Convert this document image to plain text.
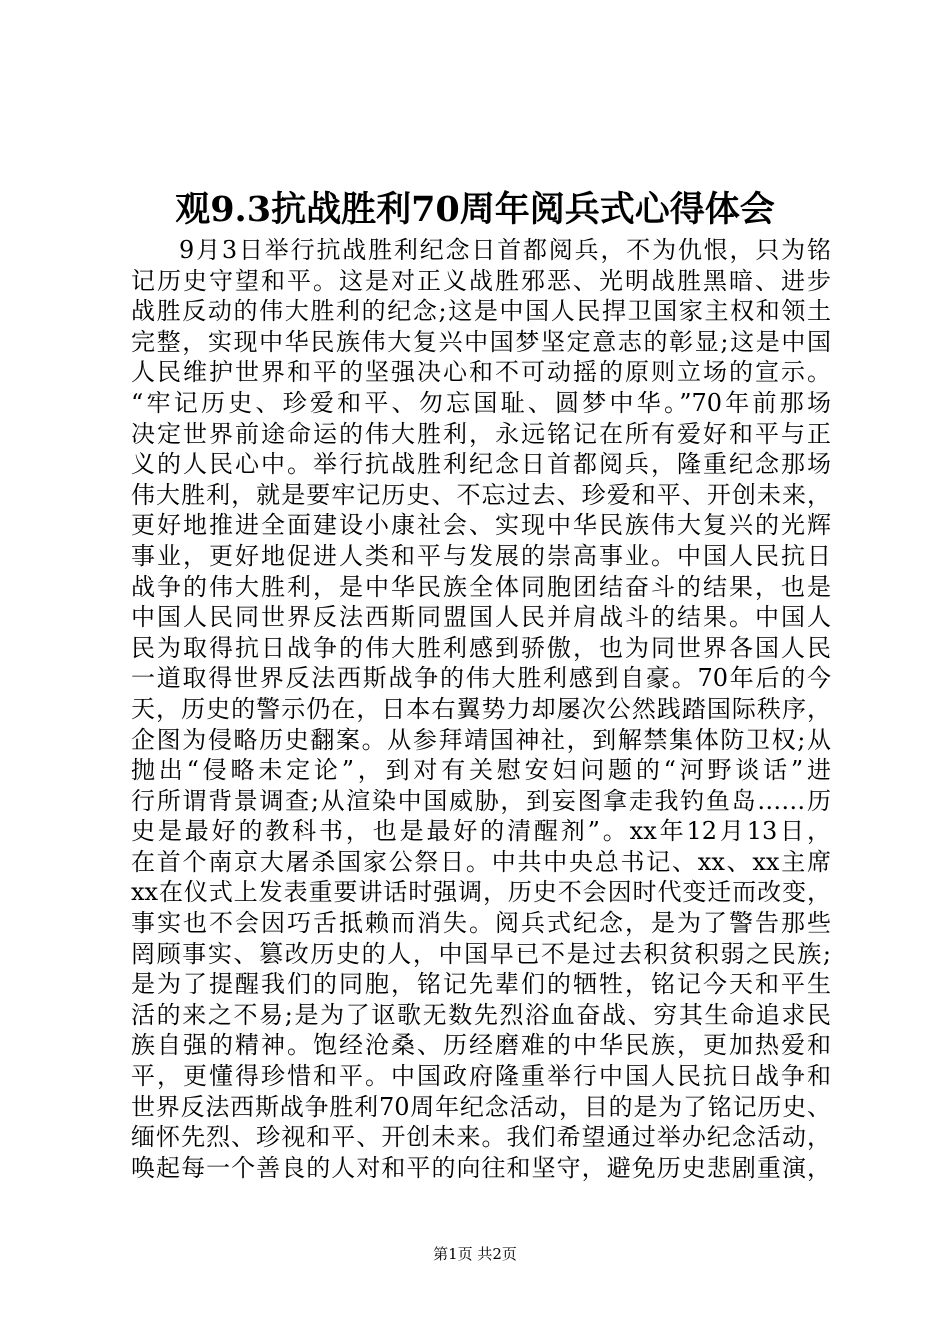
观9.3抗战胜利70周年阅兵式心得体会
9月3日举行抗战胜利纪念日首都阅兵，不为仇恨，只为铭
记历史守望和平。这是对正义战胜邪恶、光明战胜黑暗、进步
战胜反动的伟大胜利的纪念;这是中国人民捍卫国家主权和领土
完整，实现中华民族伟大复兴中国梦坚定意志的彰显;这是中国
人民维护世界和平的坚强决心和不可动摇的原则立场的宣示。
“牢记历史、珍爱和平、勿忘国耻、圆梦中华。”70年前那场
决定世界前途命运的伟大胜利，永远铭记在所有爱好和平与正
义的人民心中。举行抗战胜利纪念日首都阅兵，隆重纪念那场
伟大胜利，就是要牢记历史、不忘过去、珍爱和平、开创未来，
更好地推进全面建设小康社会、实现中华民族伟大复兴的光辉
事业，更好地促进人类和平与发展的崇高事业。中国人民抗日
战争的伟大胜利，是中华民族全体同胞团结奋斗的结果，也是
中国人民同世界反法西斯同盟国人民并肩战斗的结果。中国人
民为取得抗日战争的伟大胜利感到骄傲，也为同世界各国人民
一道取得世界反法西斯战争的伟大胜利感到自豪。70年后的今
天，历史的警示仍在，日本右翼势力却屡次公然践踏国际秩序，
企图为侵略历史翻案。从参拜靖国神社，到解禁集体防卫权;从
抛出“侵略未定论”，到对有关慰安妇问题的“河野谈话”进
行所谓背景调查;从渲染中国威胁，到妄图拿走我钓鱼岛……历
史是最好的教科书，也是最好的清醒剂”。xx年12月13日，
在首个南京大屠杀国家公祭日。中共中央总书记、xx、xx主席
xx在仪式上发表重要讲话时强调，历史不会因时代变迁而改变，
事实也不会因巧舌抵赖而消失。阅兵式纪念，是为了警告那些
罔顾事实、篡改历史的人，中国早已不是过去积贫积弱之民族;
是为了提醒我们的同胞，铭记先辈们的牺牲，铭记今天和平生
活的来之不易;是为了讴歌无数先烈浴血奋战、穷其生命追求民
族自强的精神。饱经沧桑、历经磨难的中华民族，更加热爱和
平，更懂得珍惜和平。中国政府隆重举行中国人民抗日战争和
世界反法西斯战争胜利70周年纪念活动，目的是为了铭记历史、
缅怀先烈、珍视和平、开创未来。我们希望通过举办纪念活动，
唤起每一个善良的人对和平的向往和坚守，避免历史悲剧重演，
第1页 共2页
